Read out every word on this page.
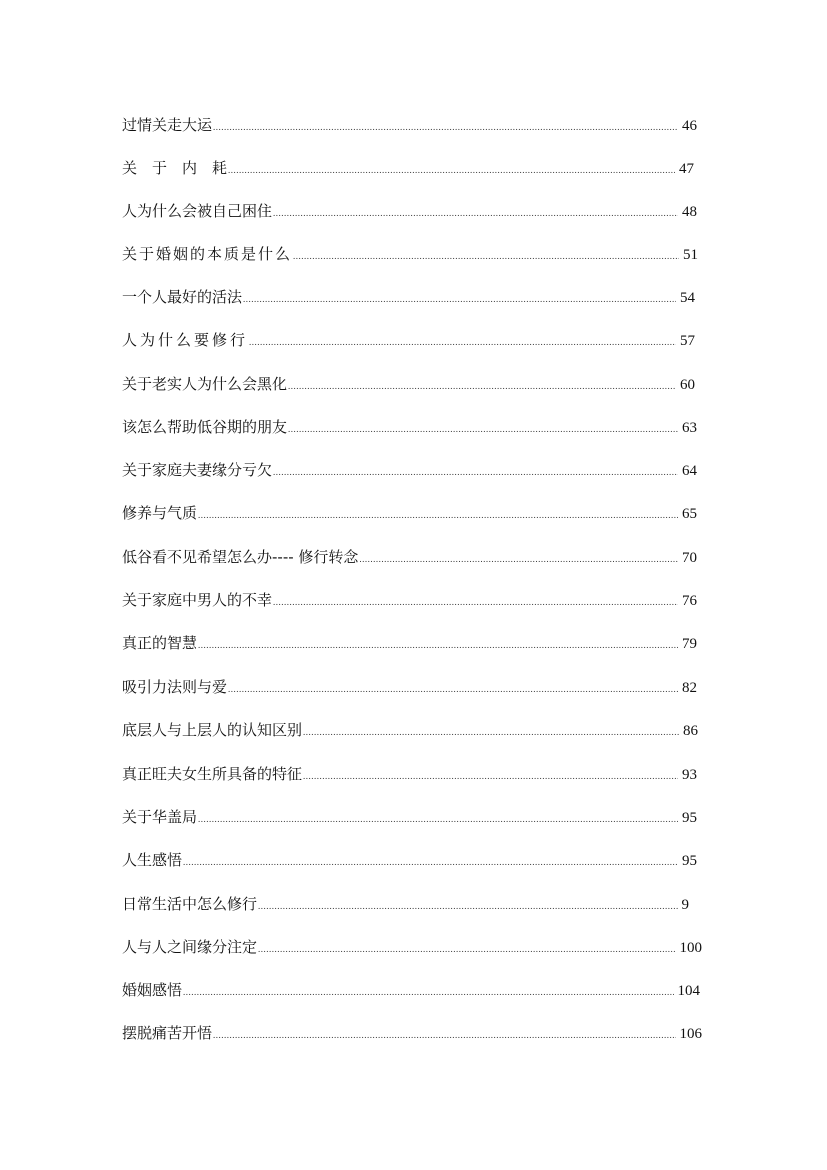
过情关走大运 .....	46
关　于　内　耗 .....	47
人为什么会被自己困住 .....	48
关于婚姻的本质是什么 .....	51
一个人最好的活法 .....	54
人为什么要修行 .....	57
关于老实人为什么会黑化 .....	60
该怎么帮助低谷期的朋友 .....	63
关于家庭夫妻缘分亏欠 .....	64
修养与气质 .....	65
低谷看不见希望怎么办---- 修行转念 .....	70
关于家庭中男人的不幸 .....	76
真正的智慧 .....	79
吸引力法则与爱 .....	82
底层人与上层人的认知区别 .....	86
真正旺夫女生所具备的特征 .....	93
关于华盖局 .....	95
人生感悟 .....	95
日常生活中怎么修行 .....	9
人与人之间缘分注定 .....	100
婚姻感悟 .....	104
摆脱痛苦开悟 .....	106
